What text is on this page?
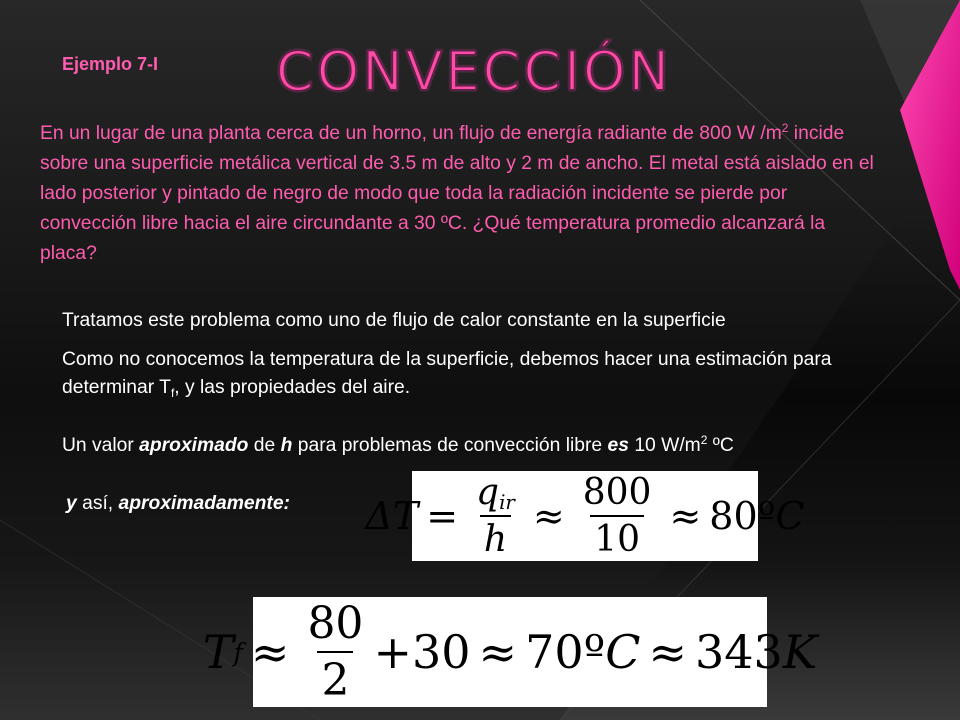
Ejemplo 7-I CONVECCIÓN
En un lugar de una planta cerca de un horno, un flujo de energía radiante de 800 W $/m^2$ incide sobre una superficie metálica vertical de 3.5 m de alto y 2 m de ancho. El metal está aislado en el lado posterior y pintado de negro de modo que toda la radiación incidente se pierde por convección libre hacia el aire circundante a 30 ºC. ¿Qué temperatura promedio alcanzará la placa?
Tratamos este problema como uno de flujo de calor constante en la superficie
Como no conocemos la temperatura de la superficie, debemos hacer una estimación para determinar $T_f$, y las propiedades del aire.
Un valor aproximado de h para problemas de convección libre es 10 $W/m^2$ ºC
y así, aproximadamente: $\Delta T = \frac{\text{qir}}{h} \approx \frac{800}{10} \approx 80$ º C
T $f \approx \frac{80}{2} +30 \approx 70$ º C ≈ 343 K
